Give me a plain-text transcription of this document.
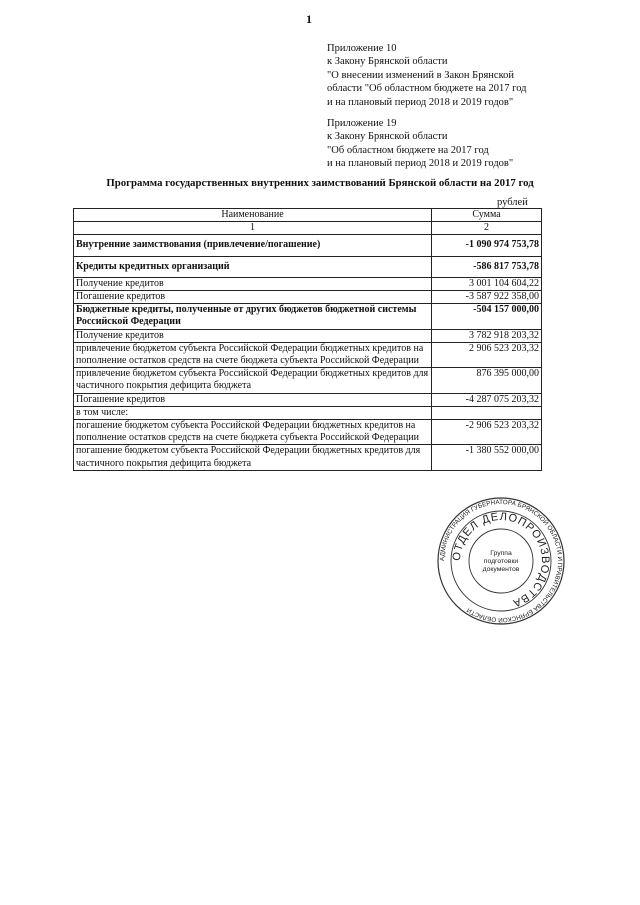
1
Приложение 10
к Закону Брянской области
"О внесении изменений в Закон Брянской
области "Об областном бюджете на 2017 год
и на плановый период 2018 и 2019 годов"
Приложение 19
к Закону Брянской области
"Об областном бюджете на 2017 год
и на плановый период 2018 и 2019 годов"
Программа государственных внутренних заимствований Брянской области на 2017 год
рублей
Наименование	Сумма
1	2
Внутренние заимствования (привлечение/погашение)	-1 090 974 753,78
Кредиты кредитных организаций	-586 817 753,78
Получение кредитов	3 001 104 604,22
Погашение кредитов	-3 587 922 358,00
Бюджетные кредиты, полученные от других бюджетов бюджетной системы Российской Федерации	-504 157 000,00
Получение кредитов	3 782 918 203,32
привлечение бюджетом субъекта Российской Федерации бюджетных кредитов на пополнение остатков средств на счете бюджета субъекта Российской Федерации	2 906 523 203,32
привлечение бюджетом субъекта Российской Федерации бюджетных кредитов для частичного покрытия дефицита бюджета	876 395 000,00
Погашение кредитов	-4 287 075 203,32
в том числе:	
погашение бюджетом субъекта Российской Федерации бюджетных кредитов на пополнение остатков средств на счете бюджета субъекта Российской Федерации	-2 906 523 203,32
погашение бюджетом субъекта Российской Федерации бюджетных кредитов для частичного покрытия дефицита бюджета	-1 380 552 000,00
АДМИНИСТРАЦИЯ ГУБЕРНАТОРА БРЯНСКОЙ ОБЛАСТИ И ПРАВИТЕЛЬСТВА БРЯНСКОЙ ОБЛАСТИ
ОТДЕЛ ДЕЛОПРОИЗВОДСТВА
Группа
подготовки
документов
